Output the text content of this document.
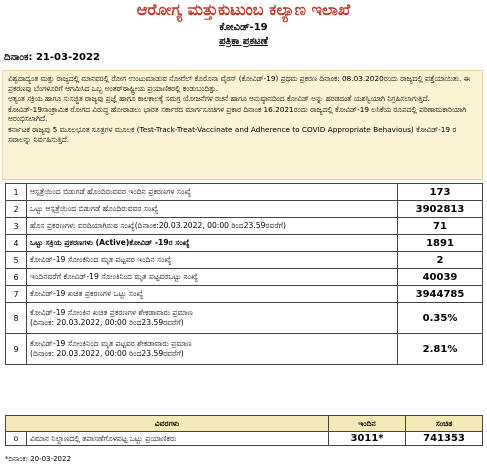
ಆರೋಗ್ಯ ಮತ್ತುಕುಟುಂಬ ಕಲ್ಯಾಣ ಇಲಾಖೆ
ಕೋವಿಡ್-19
ಪತ್ರಿಕಾ ಪ್ರಕಟಣೆ
ದಿನಾಂಕ: 21-03-2022

ವಿಶ್ವದಾದ್ಯಂತ ಮತ್ತು ರಾಜ್ಯದಲ್ಲಿ ಮಾನವರಲ್ಲಿ ರೋಗ ಉಂಟುಮಾಡುವ ನೋವೆಲ್ ಕೊರೊನಾ ವೈರಸ್ (ಕೋವಿಡ್-19) ಪ್ರಥಮ ಪ್ರಕರಣ ದಿನಾಂಕ: 08.03.2020ರಂದು ರಾಜ್ಯದಲ್ಲಿ ಪತ್ತೆಯಾಯಿತು. ಈ ಪ್ರಕರಣವು ಬೆಂಗಳೂರಿಗೆ ಆಗಮಿಸಿದ ಒಬ್ಬ ಅಂತರ್‌ರಾಷ್ಟ್ರೀಯ ಪ್ರಯಾಣಿಕರಲ್ಲಿ ಕಂಡುಬಂದಿತ್ತು.

ಅತ್ಯಂತ ಸಕ್ರಿಯ ಹಾಗೂ ಸುಸಜ್ಜಿತ ರಾಜ್ಯವು ಪ್ರಜ್ಞೆ ಹಾಗೂ ಕಾಲಕಾಲಕ್ಕೆ ಸಮಗ್ರ ಯೋಜನೆಗಳ ರಚನೆ ಹಾಗೂ ಅನುಷ್ಠಾನದಿಂದ ಕೋವಿಡ್ ಅನ್ನು ಹರಡದಂತೆ ಯಶಸ್ವಿಯಾಗಿ ನಿಗ್ರಹಿಸಲಾಗುತ್ತಿದೆ.

ಕೋವಿಡ್-19ಸಾಂಕ್ರಾಮಿಕ ರೋಗದ ವಿರುದ್ಧ ಹೋರಾಡಲು ಭಾರತ ಸರ್ಕಾರದ ಮಾರ್ಗಸೂಚಿಗಳ ಪ್ರಕಾರ ದಿನಾಂಕ 16.2021ರಂದು ರಾಜ್ಯದಲ್ಲಿ ಕೋವಿಡ್-19 ಲಸಿಕೆಯ ರೂಪದಲ್ಲಿ ಪರಿಣಾಮಕಾರಿಯಾಗಿ ಆರಂಭಿಸಲಾಗಿದೆ.

ಕರ್ನಾಟಕ ರಾಜ್ಯವು 5 ಮೂಲಭೂತ ಸೂತ್ರಗಳ ಮೂಲಕ (Test-Track-Treat-Vaccinate and Adherence to COVID Appropriate Behavious) ಕೋವಿಡ್-19 ರ ಸವಾಲನ್ನು ನಿರ್ವಹಿಸುತ್ತಿದೆ.

1	ಆಸ್ಪತ್ರೆಯಿಂದ ಬಿಡುಗಡೆ ಹೊಂದಿರುವವರ ಇಂದಿನ ಪ್ರಕರಣಗಳ ಸಂಖ್ಯೆ	173
2	ಒಟ್ಟು ಆಸ್ಪತ್ರೆಯಿಂದ ಬಿಡುಗಡೆ ಹೊಂದಿರುವವರ ಸಂಖ್ಯೆ	3902813
3	ಹೊಸ ಪ್ರಕರಣಗಳು ವರದಿಯಾಗಿರುವ ಸಂಖ್ಯೆ(ದಿನಾಂಕ:20.03.2022, 00:00 ರಿಂದ23.59ರವರೆಗೆ)	71
4	ಒಟ್ಟು ಸಕ್ರಿಯ ಪ್ರಕರಣಗಳು (Active)ಕೋವಿಡ್ -19ರ ಸಂಖ್ಯೆ	1891
5	ಕೋವಿಡ್-19 ಸೋಂಕಿನಿಂದ ಮೃತ ಪಟ್ಟವರ ಇಂದಿನ ಸಂಖ್ಯೆ	2
6	ಇಂದಿನವರೆಗೆ ಕೋವಿಡ್-19 ಸೋಂಕಿನಿಂದ ಮೃತ ಪಟ್ಟವರಒಟ್ಟು ಸಂಖ್ಯೆ	40039
7	ಕೋವಿಡ್-19 ಖಚಿತ ಪ್ರಕರಣಗಳ ಒಟ್ಟು ಸಂಖ್ಯೆ	3944785
8	ಕೋವಿಡ್-19 ಸೋಂಕಿನ ಖಚಿತ ಪ್ರಕರಣಗಳ ಶೇಕಡಾವಾರು ಪ್ರಮಾಣ
(ದಿನಾಂಕ: 20.03.2022, 00:00 ರಿಂದ23.59ರವರೆಗೆ)	0.35%
9	ಕೋವಿಡ್-19 ಸೋಂಕಿನಿಂದ ಮೃತ ಪಟ್ಟವರ ಶೇಕಡಾವಾರು ಪ್ರಮಾಣ
(ದಿನಾಂಕ: 20.03.2022, 00:00 ರಿಂದ23.59ರವರೆಗೆ)	2.81%
ವಿವರಗಳು		ಇಂದಿನ	ಸಂಚಿತ
o	ವಿಮಾನ ನಿಲ್ದಾಣದಲ್ಲಿ ತಪಾಸಣೆಗೊಳಪಟ್ಟ ಒಟ್ಟು ಪ್ರಯಾಣಿಕರು	3011*	741353
*ದಿನಾಂಕ: 20-03-2022
